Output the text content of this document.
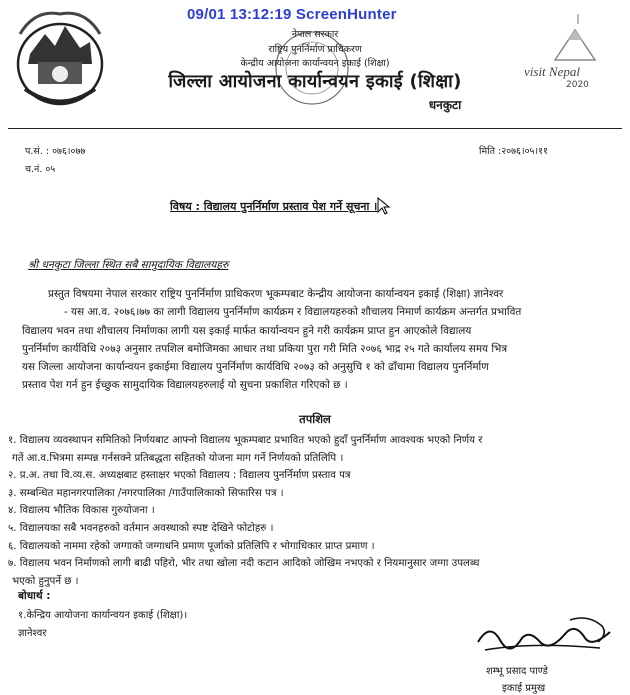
09/01 13:12:19 ScreenHunter
visit Nepal
2020
नेपाल सरकार
राष्ट्रिय पुनर्निर्माण प्राधिकरण
केन्द्रीय आयोजना कार्यान्वयन इकाई (शिक्षा)
जिल्ला आयोजना कार्यान्वयन इकाई (शिक्षा)
धनकुटा
प.सं. : ०७६।०७७
च.नं. ०५
मिति :२०७६।०५।११
विषय : विद्यालय पुनर्निर्माण प्रस्ताव पेश गर्ने सूचना ।
श्री धनकुटा जिल्ला स्थित सबै सामुदायिक विद्यालयहरु
प्रस्तुत विषयमा नेपाल सरकार राष्ट्रिय पुनर्निर्माण प्राधिकरण भूकम्पबाट केन्द्रीय आयोजना कार्यान्वयन इकाई (शिक्षा) ज्ञानेश्वर
- यस आ.व. २०७६।७७ का लागी विद्यालय पुनर्निर्माण कार्यक्रम र विद्यालयहरुको शौचालय निमार्ण कार्यक्रम अन्तर्गत प्रभावित
विद्यालय भवन तथा शौचालय निर्माणका लागी यस इकाई मार्फत कार्यान्वयन हुने गरी कार्यक्रम प्राप्त हुन आएकोले विद्यालय
पुनर्निर्माण कार्यविधि २०७३ अनुसार तपशिल बमोजिमका आधार तथा प्रकिया पुरा गरी मिति २०७६ भाद्र २५ गते कार्यालय समय भित्र
यस जिल्ला आयोजना कार्यान्वयन इकाईमा विद्यालय पुनर्निर्माण कार्यविधि २०७३ को अनुसुचि १ को ढाँचामा विद्यालय पुनर्निर्माण
प्रस्ताव पेश गर्न हुन ईच्छुक सामुदायिक विद्यालयहरुलाई यो सुचना प्रकाशित गरिएको छ ।
तपशिल
१. विद्यालय व्यवस्थापन समितिको निर्णयबाट आफ्नो विद्यालय भूकम्पबाट प्रभावित भएको हुदाँ पुनर्निर्माण आवश्यक भएको निर्णय र
गतें आ.व.भित्रमा सम्पन्न गर्नसक्ने प्रतिबद्धता सहितको योजना माग गर्ने निर्णयको प्रतिलिपि ।
२. प्र.अ. तथा वि.व्य.स. अध्यक्षबाट हस्ताक्षर भएको विद्यालय : विद्यालय पुनर्निर्माण प्रस्ताव पत्र
३. सम्बन्धित महानगरपालिका /नगरपालिका /गाउँपालिकाको सिफारिस पत्र ।
४. विद्यालय भौतिक विकास गुरुयोजना ।
५. विद्यालयका सबै भवनहरुको वर्तमान अवस्थाको स्पष्ट देखिने फोटोहरु ।
६. विद्यालयको नाममा रहेको जग्गाको जग्गाधनि प्रमाण पूर्जाको प्रतिलिपि र भोगाधिकार प्राप्त प्रमाण ।
७. विद्यालय भवन निर्माणको लागी बाढी पहिरो, भीर तथा खोला नदी कटान आदिको जोखिम नभएको र नियमानुसार जग्गा उपलब्ध
भएको हुनुपर्ने छ ।
बोधार्थ :
१.केन्द्रिय आयोजना कार्यान्वयन इकाई (शिक्षा)।
ज्ञानेश्वर
शम्भू प्रसाद पाण्डे
इकाई प्रमुख
